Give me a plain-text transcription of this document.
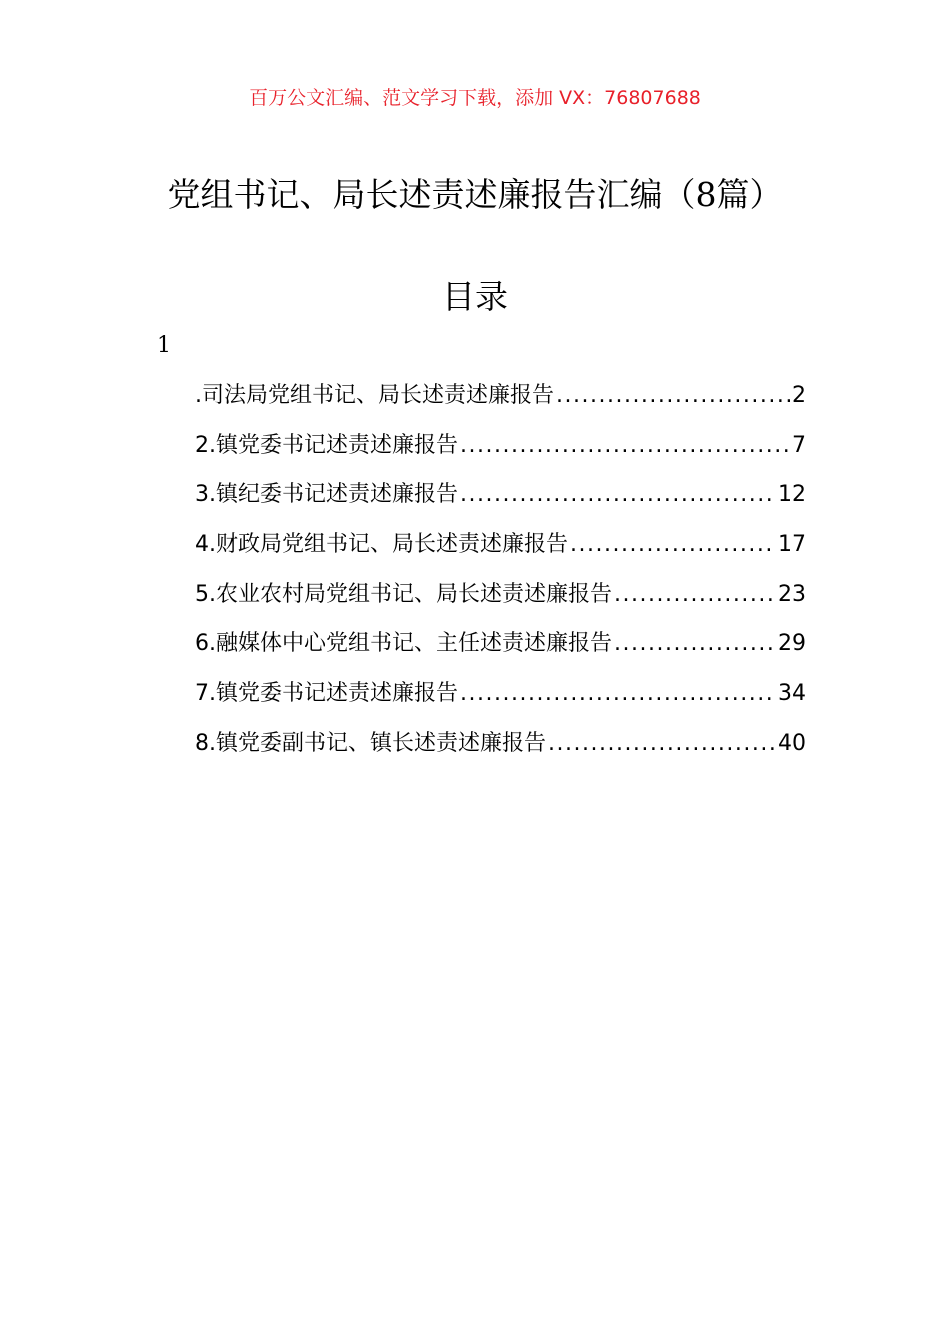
百万公文汇编、范文学习下载，添加 VX：76807688
党组书记、局长述责述廉报告汇编（8篇）
目录
1
.司法局党组书记、局长述责述廉报告 .....	2
2.镇党委书记述责述廉报告 .....	7
3.镇纪委书记述责述廉报告 .....	12
4.财政局党组书记、局长述责述廉报告 .....	17
5.农业农村局党组书记、局长述责述廉报告 .....	23
6.融媒体中心党组书记、主任述责述廉报告 .....	29
7.镇党委书记述责述廉报告 .....	34
8.镇党委副书记、镇长述责述廉报告 .....	40
